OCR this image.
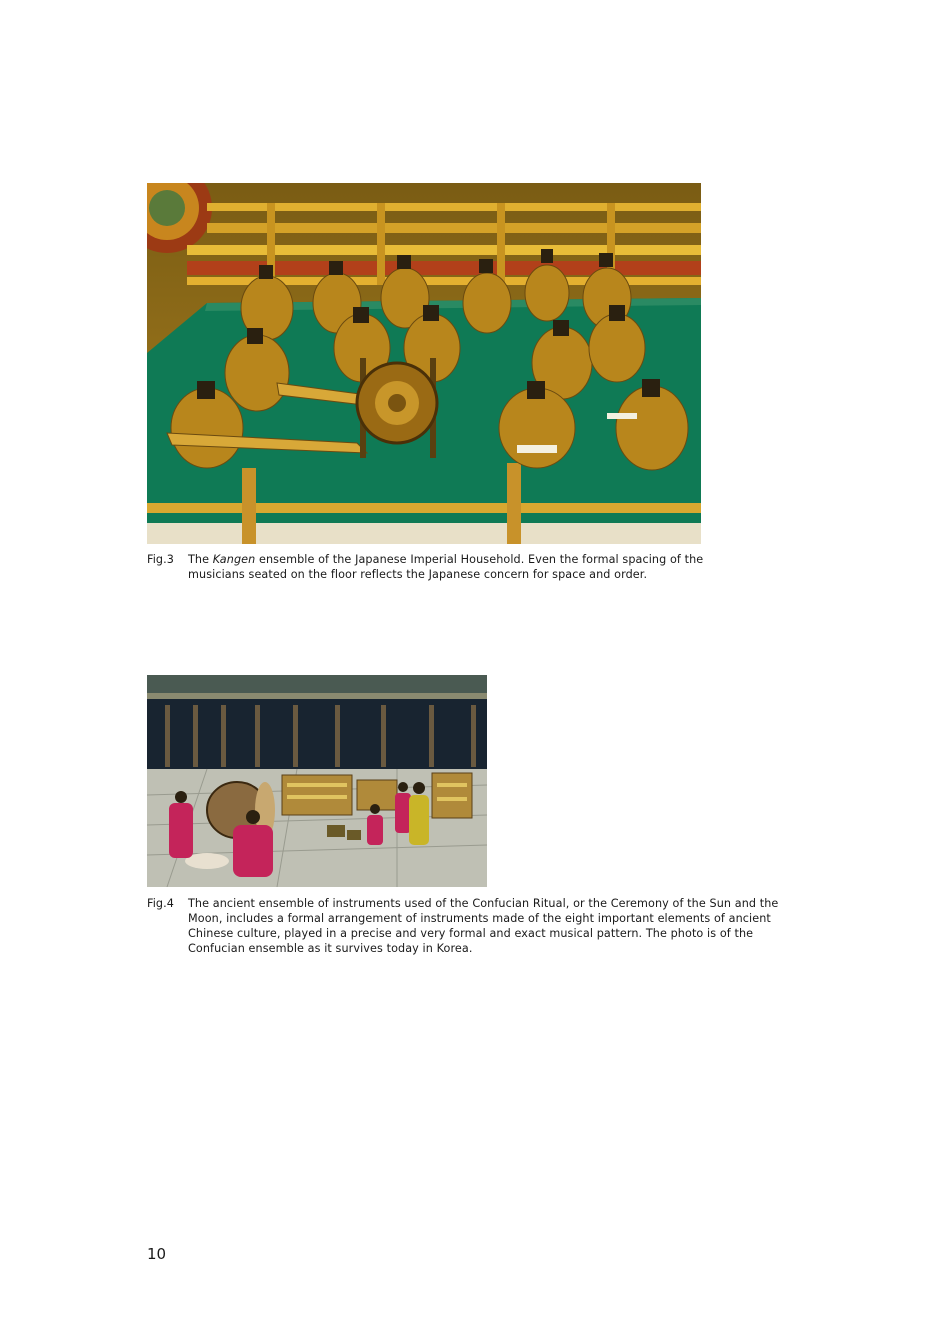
Fig.3	The Kangen ensemble of the Japanese Imperial Household. Even the formal spacing of the musicians seated on the floor reflects the Japanese concern for space and order.
Fig.4	The ancient ensemble of instruments used of the Confucian Ritual, or the Ceremony of the Sun and the Moon, includes a formal arrangement of instruments made of the eight important elements of ancient Chinese culture, played in a precise and very formal and exact musical pattern. The photo is of the Confucian ensemble as it survives today in Korea.
10
